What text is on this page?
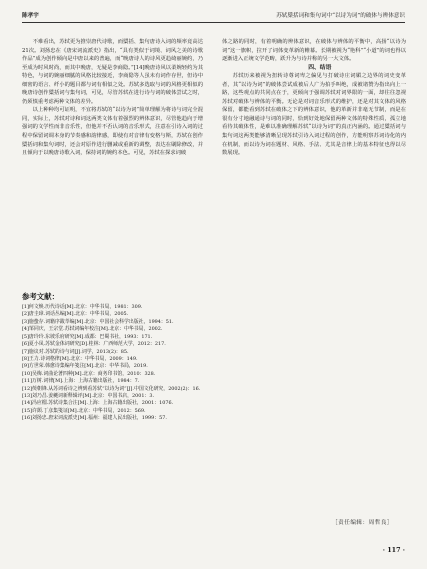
陈孝宇	苏轼檃括词和集句词中“以诗为词”的破体与辨体意识

不难看出，苏轼更为推崇唐代诗歌，而檃括、集句唐诗入词的频率竟高达21次。刘扬忠在《唐宋词流派史》指出，“具有类似于词境、词风之美的诗歌作品”成为创作倾向是中唐以来的普遍，而“晚唐诗人的诗风更趋绮丽婉约，乃至成为时风时尚，而其中晚唐，无疑是李商隐。”[14]晚唐诗风以柔婉轻约为其特色，与词的婉丽细腻的风格比较接近，李商隐等人虽未有词作存世，但诗中细密的语言、纤小的题目都与词有相似之处。苏轼多选取与词的风格更相似的晚唐诗创作檃括词与集句词，可见，尽管苏轼在进行诗与词的破体尝试之时，仍须慎重考虑两种文体的差异。

以上种种均可证明，不宜将苏轼的“以诗为词”简单理解为将诗与词完全混同，实际上，苏轼对诗和词这两类文体有着强烈的辨体意识，尽管他趋向于增强词的文学性而非音乐性，但他并不否认词的音乐形式，注意在引诗入词的过程中保留词调本身的节奏感和韵律感，即使有对音律有变格与斯，苏轼在创作檃括词和集句词时，还会对原作进行删减或重新的调整，表达在刷除修改，并且倾向于以晚唐诗歌入词，保持词的婉约本色。可见，苏轼在探求词破

体之路的同时，有着明确的辨体意识，在破体与辨体的平衡中，高扬“以诗为词”这一旗帜，拉开了词体变革新的帷幕。长期被视为“艳科”“小道”的词也得以逐渐进入正统文学范畴，跃升为与诗并称的另一大文体。

四、结语

苏轼历来被视为扭转诗尊词卑之偏见与打破诗庄词媚之边界的词史变革者，其“以诗为词”的破体尝试成被后人广为拍手叫绝，成被诸赞为指出向上一路，这些观点的共同点在于，更倾向于强调苏轼对词界限的一面，却往往忽视苏轼对破体与辨体的平衡。无论是对词音乐形式的维护，还是对其文体的风格保留，都能看到苏轼在破体之下的辨体意识，他的革新并非毫无节制，而是在很有分寸地融通诗与词的同时，恰到好处地保留两种文体的特殊性质，孤立地看待其破体性，是难以准确理解苏轼“以诗为词”的真正内涵的。通过檃括词与集句词这两类能够清晰呈现苏轼引诗入词过程的创作，方能明察苏词诗化的内在机制，而以诗为词在题材、风格、手法、尤其是音律上的基本特征也得以尽数展现。

参考文献：

[1]何文焕.历代诗话[M].北京：中华书局，1981：309.
[2]唐圭璋.词话丛编[M].北京：中华书局，2005.
[3]施蛰存.词籍序跋萃编[M].北京：中国社会科学出版社，1994：51.
[4]邹同庆，王宗堂.苏轼词编年校注[M].北京：中华书局，2002.
[5]唐玲玲.东坡乐府研究[M].成都：巴蜀书社，1993：171.
[6]夏小凤.苏轼金体词研究[D].桂林：广西师范大学，2012：217.
[7]施议对.苏轼的诗与词[J].词学，2013(2)：85.
[8]王力.诗词格律[M].北京：中华书局，2009：149.
[9]方世荣.韩愈诗集编年笺注[M].北京：中华书局，2019.
[10]吴梅.词曲论著四种[M].北京：商务印书馆，2010：328.
[11]万树.词律[M].上海：上海古籍出版社，1984：7.
[12]萸朝锋.从苏词看诗之辨到看苏轼“以诗为词”[J].中国文化研究，2002(2)：16.
[13]刘乃昌.姜夔词新释辑评[M].北京：中国书店，2001：3.
[14]冯应榴.苏轼诗集合注[M].上海：上海古籍出版社，2001：1076.
[15]许顗.丁彦集笺证[M].北京：中华书局，2012：569.
[16]刘扬忠.唐宋词流派史[M].福州：福建人民出版社，1999：57.
［责任编辑：周哲良］
· 117 ·
